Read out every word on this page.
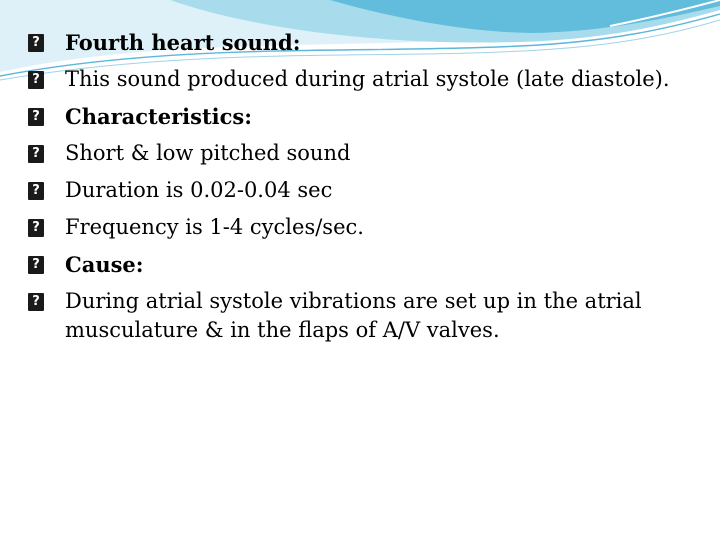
?
Fourth heart sound:
?
This sound produced during atrial systole (late diastole).
?
Characteristics:
?
Short & low pitched sound
?
Duration is 0.02-0.04 sec
?
Frequency is 1-4 cycles/sec.
?
Cause:
?
During atrial systole vibrations are set up in the atrial musculature & in the flaps of A/V valves.
